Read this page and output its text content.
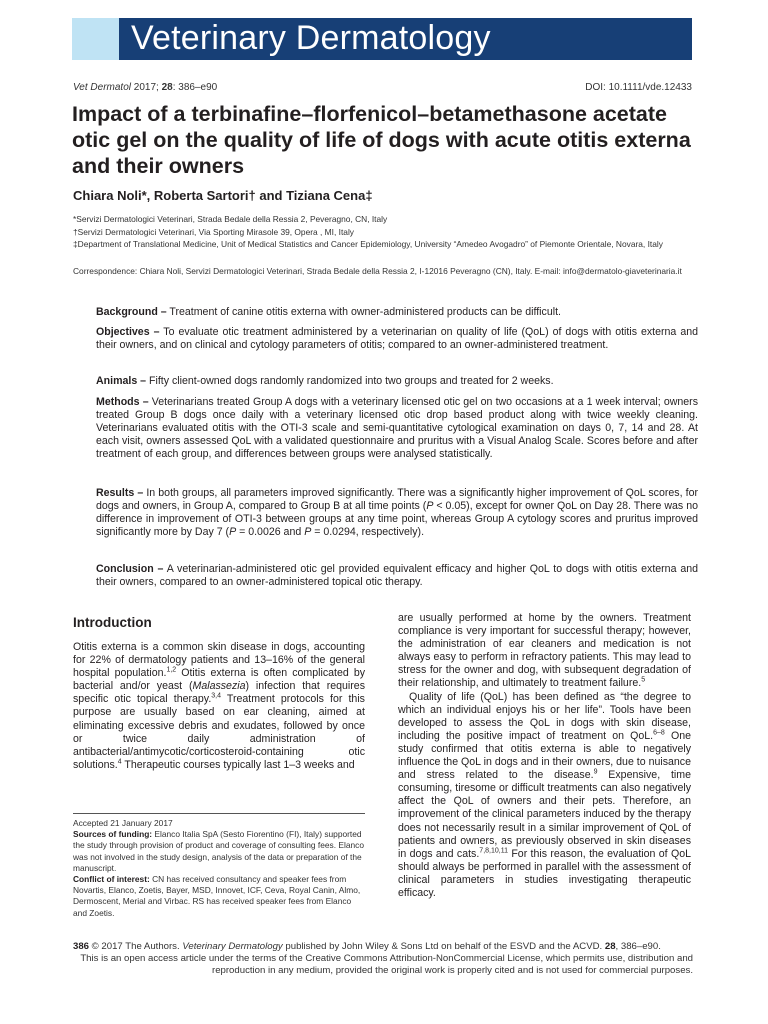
Veterinary Dermatology
Vet Dermatol 2017; 28: 386–e90	DOI: 10.1111/vde.12433
Impact of a terbinafine–florfenicol–betamethasone acetate otic gel on the quality of life of dogs with acute otitis externa and their owners
Chiara Noli*, Roberta Sartori† and Tiziana Cena‡
*Servizi Dermatologici Veterinari, Strada Bedale della Ressia 2, Peveragno, CN, Italy
†Servizi Dermatologici Veterinari, Via Sporting Mirasole 39, Opera , MI, Italy
‡Department of Translational Medicine, Unit of Medical Statistics and Cancer Epidemiology, University “Amedeo Avogadro” of Piemonte Orientale, Novara, Italy
Correspondence: Chiara Noli, Servizi Dermatologici Veterinari, Strada Bedale della Ressia 2, I-12016 Peveragno (CN), Italy. E-mail: info@dermatolo-giaveterinaria.it

Background – Treatment of canine otitis externa with owner-administered products can be difficult.

Objectives – To evaluate otic treatment administered by a veterinarian on quality of life (QoL) of dogs with otitis externa and their owners, and on clinical and cytology parameters of otitis; compared to an owner-administered treatment.

Animals – Fifty client-owned dogs randomly randomized into two groups and treated for 2 weeks.

Methods – Veterinarians treated Group A dogs with a veterinary licensed otic gel on two occasions at a 1 week interval; owners treated Group B dogs once daily with a veterinary licensed otic drop based product along with twice weekly cleaning. Veterinarians evaluated otitis with the OTI-3 scale and semi-quantitative cytological examination on days 0, 7, 14 and 28. At each visit, owners assessed QoL with a validated questionnaire and pruritus with a Visual Analog Scale. Scores before and after treatment of each group, and differences between groups were analysed statistically.

Results – In both groups, all parameters improved significantly. There was a significantly higher improvement of QoL scores, for dogs and owners, in Group A, compared to Group B at all time points (P < 0.05), except for owner QoL on Day 28. There was no difference in improvement of OTI-3 between groups at any time point, whereas Group A cytology scores and pruritus improved significantly more by Day 7 (P = 0.0026 and P = 0.0294, respectively).

Conclusion – A veterinarian-administered otic gel provided equivalent efficacy and higher QoL to dogs with otitis externa and their owners, compared to an owner-administered topical otic therapy.

Introduction

Otitis externa is a common skin disease in dogs, accounting for 22% of dermatology patients and 13–16% of the general hospital population.$^{1,2}$ Otitis externa is often complicated by bacterial and/or yeast (Malassezia) infection that requires specific otic topical therapy.$^{3,4}$ Treatment protocols for this purpose are usually based on ear cleaning, aimed at eliminating excessive debris and exudates, followed by once or twice daily administration of antibacterial/antimycotic/corticosteroid-containing otic solutions.$^4$ Therapeutic courses typically last 1–3 weeks and

Accepted 21 January 2017

Sources of funding: Elanco Italia SpA (Sesto Fiorentino (FI), Italy) supported the study through provision of product and coverage of consulting fees. Elanco was not involved in the study design, analysis of the data or preparation of the manuscript.

Conflict of interest: CN has received consultancy and speaker fees from Novartis, Elanco, Zoetis, Bayer, MSD, Innovet, ICF, Ceva, Royal Canin, Almo, Dermoscent, Merial and Virbac. RS has received speaker fees from Elanco and Zoetis.

are usually performed at home by the owners. Treatment compliance is very important for successful therapy; however, the administration of ear cleaners and medication is not always easy to perform in refractory patients. This may lead to stress for the owner and dog, with subsequent degradation of their relationship, and ultimately to treatment failure.$^5$

Quality of life (QoL) has been defined as “the degree to which an individual enjoys his or her life”. Tools have been developed to assess the QoL in dogs with skin disease, including the positive impact of treatment on QoL.$^{6-8}$ One study confirmed that otitis externa is able to negatively influence the QoL in dogs and in their owners, due to nuisance and stress related to the disease.$^9$ Expensive, time consuming, tiresome or difficult treatments can also negatively affect the QoL of owners and their pets. Therefore, an improvement of the clinical parameters induced by the therapy does not necessarily result in a similar improvement of QoL of patients and owners, as previously observed in skin diseases in dogs and cats.$^{7,8,10,11}$ For this reason, the evaluation of QoL should always be performed in parallel with the assessment of clinical parameters in studies investigating therapeutic efficacy.

386 © 2017 The Authors. Veterinary Dermatology published by John Wiley & Sons Ltd on behalf of the ESVD and the ACVD. 28, 386–e90.
This is an open access article under the terms of the Creative Commons Attribution-NonCommercial License, which permits use, distribution and reproduction in any medium, provided the original work is properly cited and is not used for commercial purposes.
